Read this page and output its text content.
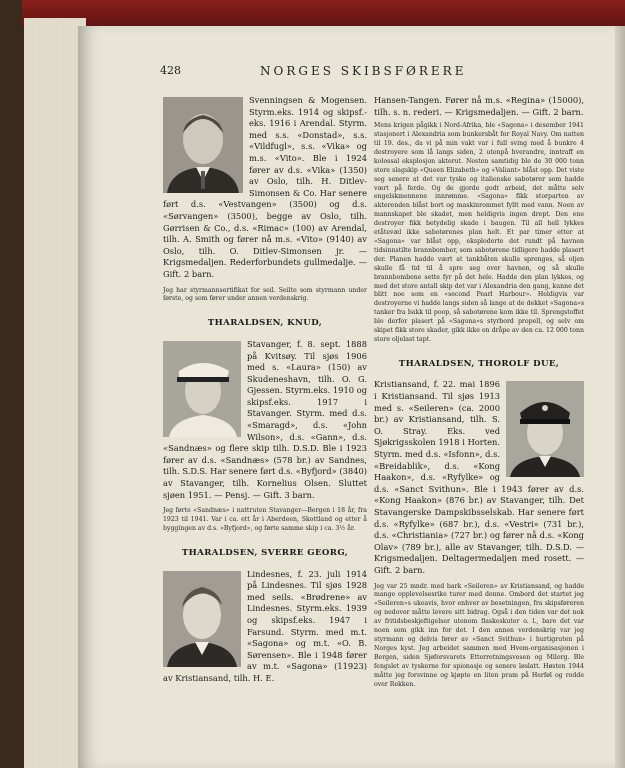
428	NORGES SKIBSFØRERE

Svenningsen & Mogensen. Styrm.eks. 1914 og skipsf.-eks. 1916 i Arendal. Styrm. med s.s. «Donstad», s.s. «Vildfugl», s.s. «Vika» og m.s. «Vito». Ble i 1924 fører av d.s. «Vika» (1350) av Oslo, tilh. H. Ditlev-Simonsen & Co. Har senere ført d.s. «Vestvangen» (3500) og d.s. «Sørvangen» (3500), begge av Oslo, tilh. Gørrisen & Co., d.s. «Rimac» (100) av Arendal, tilh. A. Smith og fører nå m.s. «Vito» (9140) av Oslo, tilh. O. Ditlev-Simonsen jr. — Krigsmedaljen. Rederforbundets gullmedalje. — Gift. 2 barn.

Jeg har styrmannsertifikat for seil. Seilte som styrmann under første, og som fører under annen verdenskrig.

THARALDSEN, KNUD,

Stavanger, f. 8. sept. 1888 på Kvitsøy. Til sjøs 1906 med s. «Laura» (150) av Skudeneshavn, tilh. O. G. Gjessen. Styrm.eks. 1910 og skipsf.eks. 1917 i Stavanger. Styrm. med d.s. «Smaragd», d.s. «John Wilson», d.s. «Gann», d.s. «Sandnæs» og flere skip tilh. D.S.D. Ble i 1923 fører av d.s. «Sandnæs» (578 br.) av Sandnes, tilh. S.D.S. Har senere ført d.s. «Byfjord» (3840) av Stavanger, tilh. Kornelius Olsen. Sluttet sjøen 1951. — Pensj. — Gift. 3 barn.

Jeg førte «Sandnæs» i nattruten Stavanger—Bergen i 18 år, fra 1923 til 1941. Var i ca. ett år i Aberdeen, Skottland og etter å byggingen av d.s. «Byfjord», og førte samme skip i ca. 3½ år.

THARALDSEN, SVERRE GEORG,

Lindesnes, f. 23. juli 1914 på Lindesnes. Til sjøs 1928 med seils. «Brødrene» av Lindesnes. Styrm.eks. 1939 og skipsf.eks. 1947 i Farsund. Styrm. med m.t. «Sagona» og m.t. «O. B. Sørensen». Ble i 1948 fører av m.t. «Sagona» (11923) av Kristiansand, tilh. H. E.

Hansen-Tangen. Fører nå m.s. «Regina» (15000), tilh. s. n. rederi. — Krigsmedaljen. — Gift. 2 barn.

Mens krigen pågikk i Nord-Afrika, ble «Sagona» i desember 1941 stasjonert i Alexandria som bunkersbåt for Royal Navy. Om natten til 19. des., da vi på min vakt var i full sving med å bunkre 4 destroyere som lå langs siden, 2 utenpå hverandre, inntraff en kolossal eksplosjon akterut. Nesten samtidig ble de 30 000 tonn store slagskip «Queen Elizabeth» og «Valiant» blåst opp. Det viste seg senere at det var tyske og italienske sabotører som hadde vært på ferde. Og de gjorde godt arbeid, det måtte selv engelskmennene innrømme. «Sagona» fikk storparten av akterenden blåst bort og maskinrommet fyllt med vann. Noen av mannskapet ble skadet, men heldigvis ingen drept. Den ene destroyer fikk betydelig skade i baugen. Til all hell lykkes etåtevæl ikke sabotørenes plan helt. Et par timer etter at «Sagona» var blåst opp, eksploderte det rundt på havnen tidsinnstilte brannbomber, som sabotørene tidligere hadde plasert der. Planen hadde vært at tankbåten skulle sprenges, så oljen skulle få tid til å spre seg over havnen, og så skulle brannbombene sette fyr på det hele. Hadde den plan lykkes, og med det store antall skip det var i Alexandria den gang, kunne det blitt noe som en «second Pearl Harbour». Heldigvis var destroyerne vi hadde langs siden så lange at de dekket «Sagona»s tanker fra bakk til poop, så sabotørene kom ikke til. Sprengstoffet ble derfor plasert på «Sagona»s styrbord propell, og selv om skipet fikk store skader, gikk ikke en dråpe av den ca. 12 000 tonn store oljelast tapt.

THARALDSEN, THOROLF DUE,

Kristiansand, f. 22. mai 1896 i Kristiansand. Til sjøs 1913 med s. «Seileren» (ca. 2000 br.) av Kristiansand, tilh. S. O. Stray. Eks. ved Sjøkrigsskolen 1918 i Horten. Styrm. med d.s. «Isfonn», d.s. «Breidablik», d.s. «Kong Haakon», d.s. «Ryfylke» og d.s. «Sanct Svithun». Ble i 1943 fører av d.s. «Kong Haakon» (876 br.) av Stavanger, tilh. Det Stavangerske Dampskibsselskab. Har senere ført d.s. «Ryfylke» (687 br.), d.s. «Vestri» (731 br.), d.s. «Christiania» (727 br.) og fører nå d.s. «Kong Olav» (789 br.), alle av Stavanger, tilh. D.S.D. — Krigsmedaljen. Deltagermedaljen med rosett. — Gift. 2 barn.

Jeg var 25 mndr. med bark «Seileren» av Kristiansand, og hadde mange opplevelsesrike turer med denne. Ombord det startet jeg «Seileren»s ukeavis, hvor enhver av besetningen, fra skipsføreren og nedover måtte levere sitt bidrag. Også i den tiden var det nok av fritidsbeskjeftigelser utenom flaskeskuter o. l., bare det var noen som gikk inn for det. I den annen verdenskrig var jeg styrmann og delvis fører av «Sanct Svithun» i hurtigruten på Norges kyst. Jeg arbeidet sammen med Hvem-organisasjonen i Bergen, siden Sjøforsvarets Etterretningsvesen og Milorg. Ble fengslet av tyskerne for spionasje og senere løslatt. Høsten 1944 måtte jeg forsvinne og kjøpte en liten pram på Herføl og rodde over Rekken.
